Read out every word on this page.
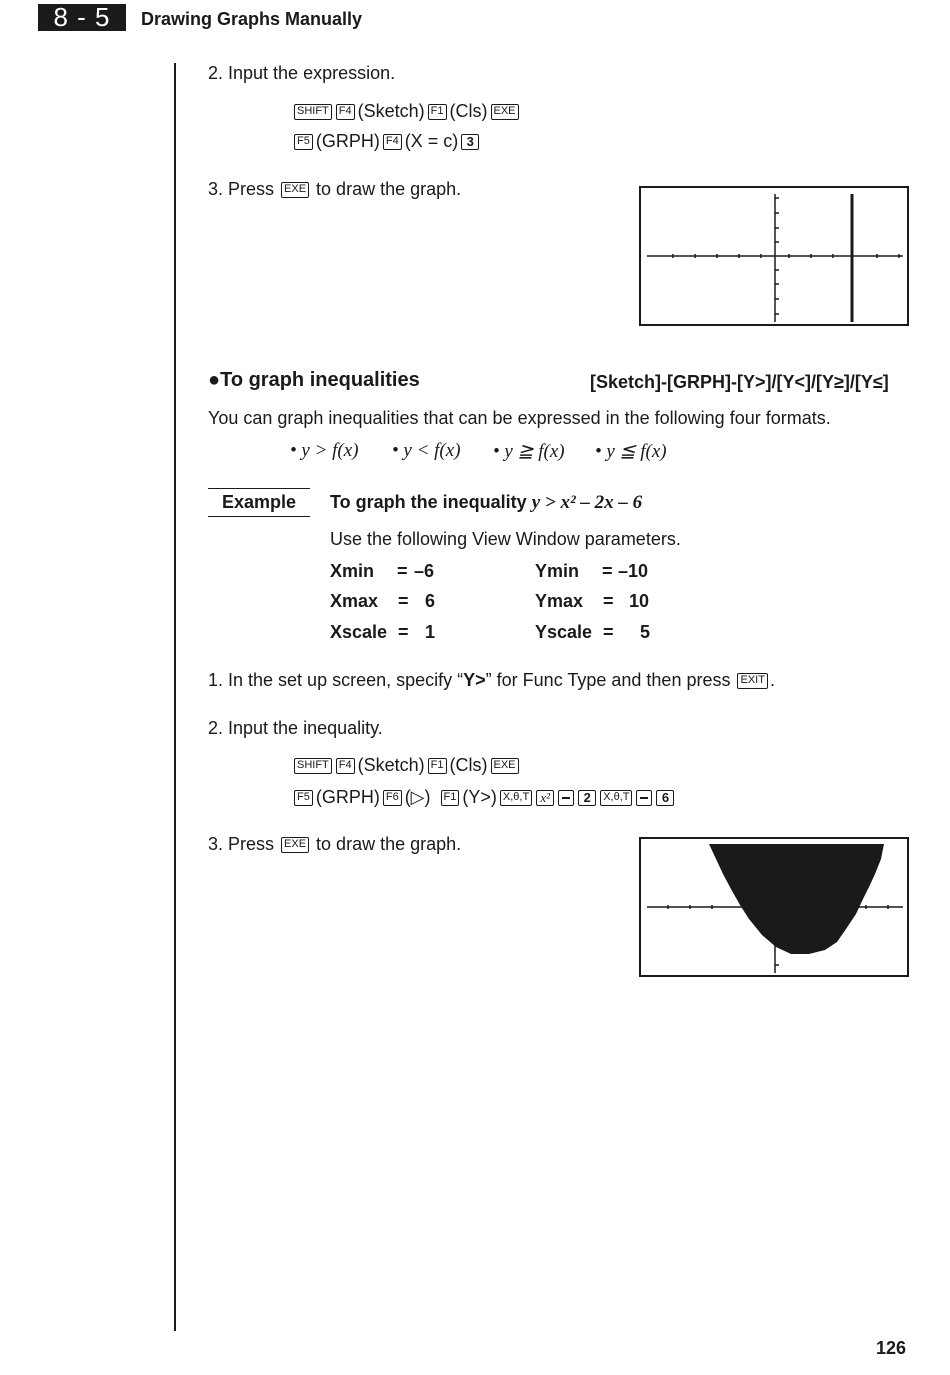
8 - 5	Drawing Graphs Manually
2. Input the expression.
SHIFT F4 (Sketch) F1 (Cls) EXE
F5 (GRPH) F4 (X = c) 3
3. Press EXE to draw the graph.
●To graph inequalities	[Sketch]-[GRPH]-[Y>]/[Y<]/[Y≥]/[Y≤]
You can graph inequalities that can be expressed in the following four formats.
• y > f(x) • y < f(x) • y ≧ f(x) • y ≦ f(x)
Example	To graph the inequality y > x² – 2x – 6
Use the following View Window parameters.
Xmin = –6	Ymin = –10
Xmax = 6	Ymax = 10
Xscale = 1	Yscale = 5
1. In the set up screen, specify “ Y> ” for Func Type and then press EXIT .
2. Input the inequality.
SHIFT F4 (Sketch) F1 (Cls) EXE
F5 (GRPH) F6 (▷) F1 (Y>) X,θ,T x²	2	X,θ,T	6
3. Press EXE to draw the graph.
126
